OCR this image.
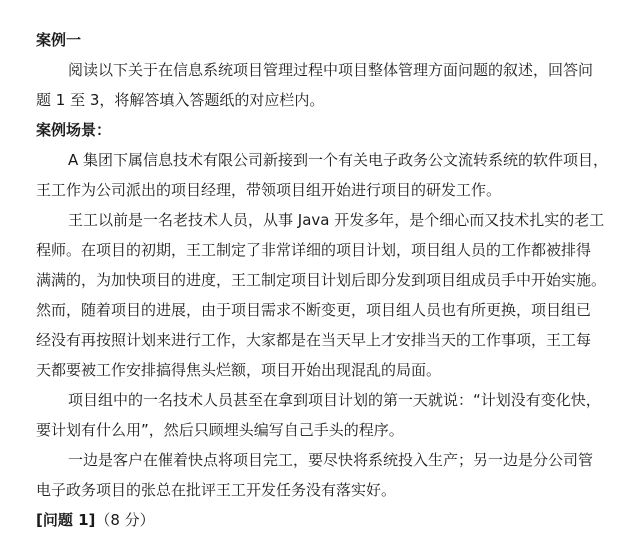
案例一

阅读以下关于在信息系统项目管理过程中项目整体管理方面问题的叙述，回答问

题 1 至 3，将解答填入答题纸的对应栏内。

案例场景：

A 集团下属信息技术有限公司新接到一个有关电子政务公文流转系统的软件项目，

王工作为公司派出的项目经理，带领项目组开始进行项目的研发工作。

王工以前是一名老技术人员，从事 Java 开发多年，是个细心而又技术扎实的老工

程师。在项目的初期，王工制定了非常详细的项目计划，项目组人员的工作都被排得

满满的，为加快项目的进度，王工制定项目计划后即分发到项目组成员手中开始实施。

然而，随着项目的进展，由于项目需求不断变更，项目组人员也有所更换，项目组已

经没有再按照计划来进行工作，大家都是在当天早上才安排当天的工作事项，王工每

天都要被工作安排搞得焦头烂额，项目开始出现混乱的局面。

项目组中的一名技术人员甚至在拿到项目计划的第一天就说：“计划没有变化快，

要计划有什么用”，然后只顾埋头编写自己手头的程序。

一边是客户在催着快点将项目完工，要尽快将系统投入生产；另一边是分公司管

电子政务项目的张总在批评王工开发任务没有落实好。

[问题 1]（8 分）
